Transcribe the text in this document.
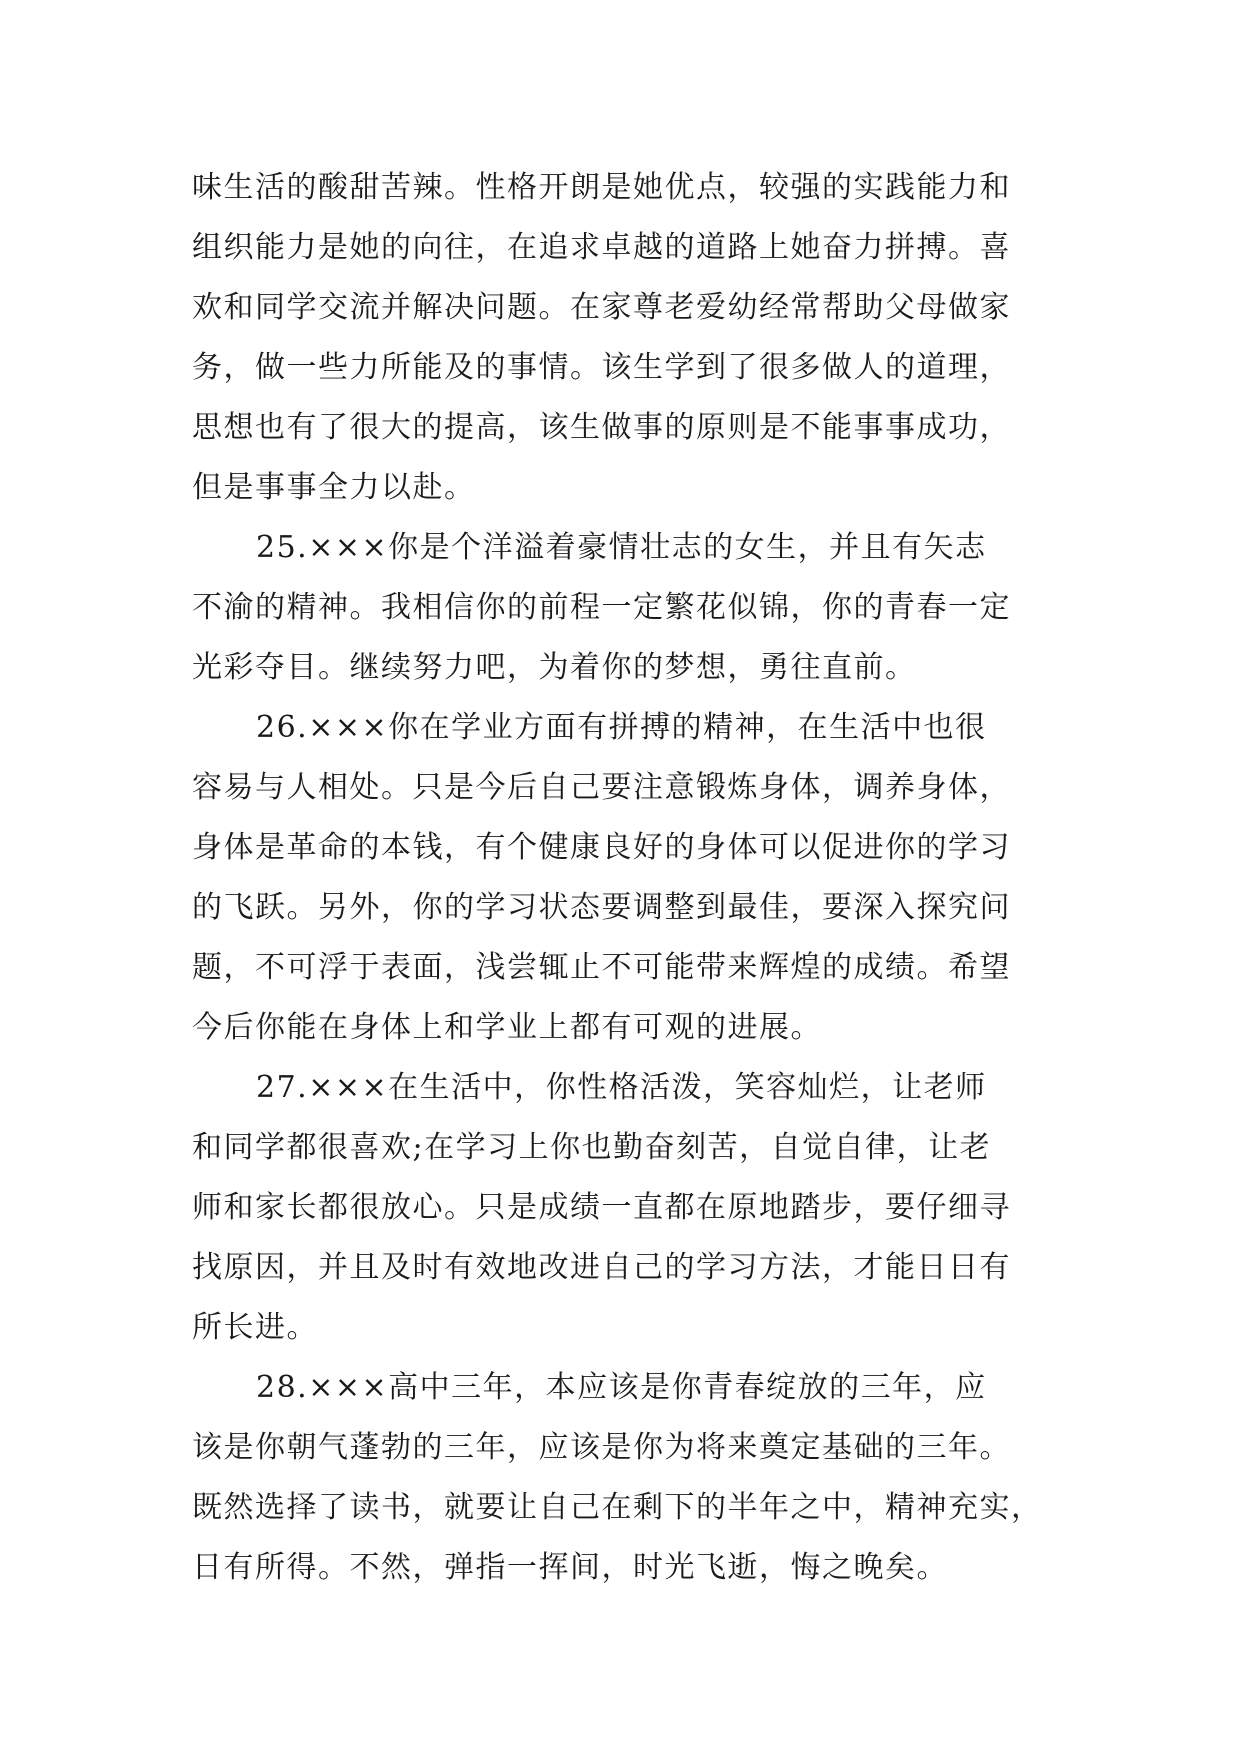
味生活的酸甜苦辣。性格开朗是她优点，较强的实践能力和
组织能力是她的向往，在追求卓越的道路上她奋力拼搏。喜
欢和同学交流并解决问题。在家尊老爱幼经常帮助父母做家
务，做一些力所能及的事情。该生学到了很多做人的道理，
思想也有了很大的提高，该生做事的原则是不能事事成功，
但是事事全力以赴。
25.×××你是个洋溢着豪情壮志的女生，并且有矢志
不渝的精神。我相信你的前程一定繁花似锦，你的青春一定
光彩夺目。继续努力吧，为着你的梦想，勇往直前。
26.×××你在学业方面有拼搏的精神，在生活中也很
容易与人相处。只是今后自己要注意锻炼身体，调养身体，
身体是革命的本钱，有个健康良好的身体可以促进你的学习
的飞跃。另外，你的学习状态要调整到最佳，要深入探究问
题，不可浮于表面，浅尝辄止不可能带来辉煌的成绩。希望
今后你能在身体上和学业上都有可观的进展。
27.×××在生活中，你性格活泼，笑容灿烂，让老师
和同学都很喜欢;在学习上你也勤奋刻苦，自觉自律，让老
师和家长都很放心。只是成绩一直都在原地踏步，要仔细寻
找原因，并且及时有效地改进自己的学习方法，才能日日有
所长进。
28.×××高中三年，本应该是你青春绽放的三年，应
该是你朝气蓬勃的三年，应该是你为将来奠定基础的三年。
既然选择了读书，就要让自己在剩下的半年之中，精神充实，
日有所得。不然，弹指一挥间，时光飞逝，悔之晚矣。
